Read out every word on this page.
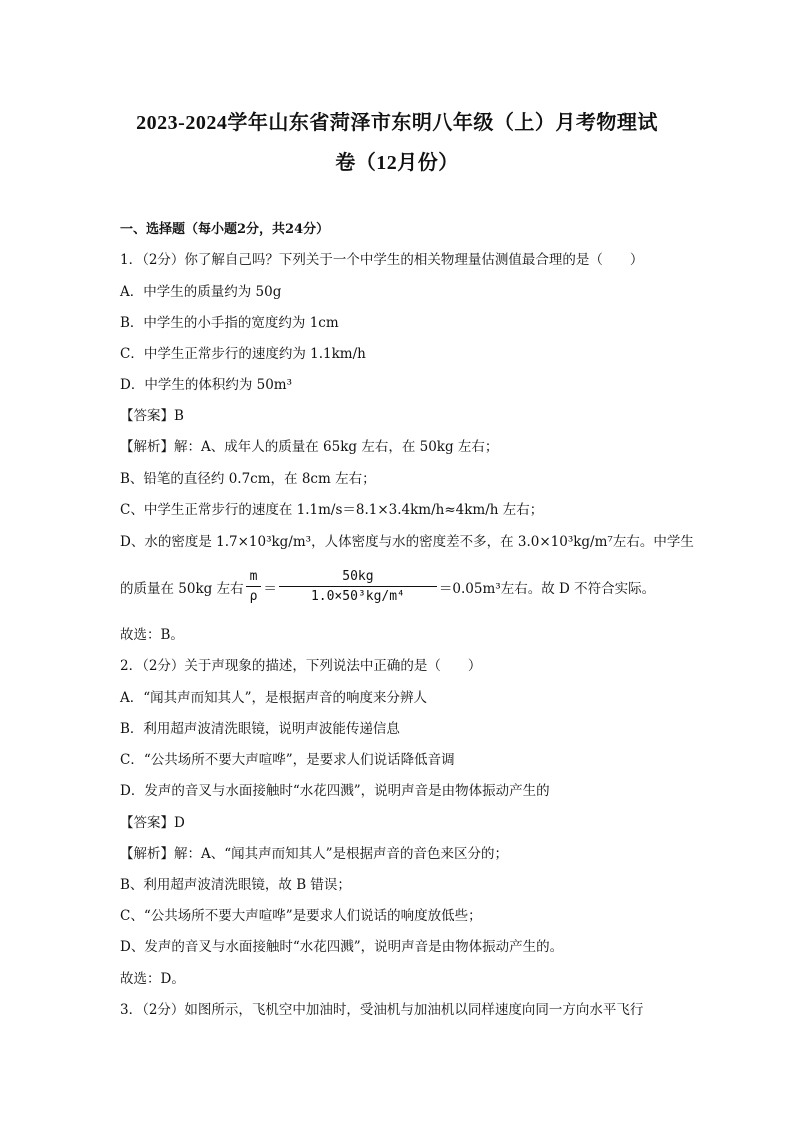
2023-2024学年山东省菏泽市东明八年级（上）月考物理试
卷（12月份）
一、选择题（每小题2分，共24分）
1．（2分）你了解自己吗？下列关于一个中学生的相关物理量估测值最合理的是（　　）
A．中学生的质量约为 50g
B．中学生的小手指的宽度约为 1cm
C．中学生正常步行的速度约为 1.1km/h
D．中学生的体积约为 50m³
【答案】B
【解析】解：A、成年人的质量在 65kg 左右，在 50kg 左右；
B、铅笔的直径约 0.7cm，在 8cm 左右；
C、中学生正常步行的速度在 1.1m/s＝8.1×3.4km/h≈4km/h 左右；
D、水的密度是 1.7×10³kg/m³，人体密度与水的密度差不多，在 3.0×10³kg/m⁷左右。中学生
的质量在 50kg 左右 $\frac{m}{\rho} = \frac{50kg}{\text{1.0×50³kg/m⁴}} =0.05m^3$左右。故 D 不符合实际。
故选：B。
2．（2分）关于声现象的描述，下列说法中正确的是（　　）
A．“闻其声而知其人”，是根据声音的响度来分辨人
B．利用超声波清洗眼镜，说明声波能传递信息
C．“公共场所不要大声喧哗”，是要求人们说话降低音调
D．发声的音叉与水面接触时“水花四溅”，说明声音是由物体振动产生的
【答案】D
【解析】解：A、“闻其声而知其人”是根据声音的音色来区分的；
B、利用超声波清洗眼镜，故 B 错误；
C、“公共场所不要大声喧哗”是要求人们说话的响度放低些；
D、发声的音叉与水面接触时“水花四溅”，说明声音是由物体振动产生的。
故选：D。
3．（2分）如图所示，飞机空中加油时，受油机与加油机以同样速度向同一方向水平飞行
